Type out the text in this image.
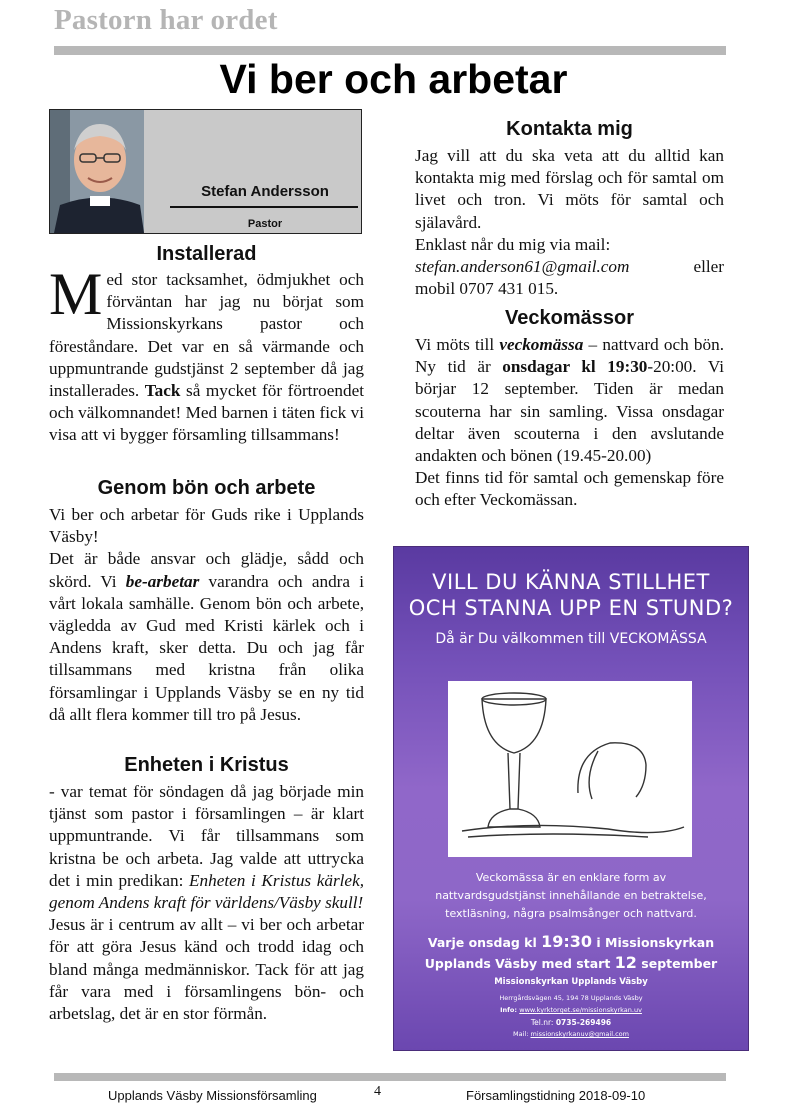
Pastorn har ordet
Vi ber och arbetar
Stefan Andersson
Pastor
Installerad

Med stor tacksamhet, ödmjukhet och förväntan har jag nu börjat som Missionskyrkans pastor och föreståndare. Det var en så värmande och uppmuntrande gudstjänst 2 september då jag installerades. Tack så mycket för förtroendet och välkomnandet! Med barnen i täten fick vi visa att vi bygger församling tillsammans!

Genom bön och arbete

Vi ber och arbetar för Guds rike i Upplands Väsby!

Det är både ansvar och glädje, sådd och skörd. Vi be-arbetar varandra och andra i vårt lokala samhälle. Genom bön och arbete, vägledda av Gud med Kristi kärlek och i Andens kraft, sker detta. Du och jag får tillsammans med kristna från olika församlingar i Upplands Väsby se en ny tid då allt flera kommer till tro på Jesus.

Enheten i Kristus

- var temat för söndagen då jag började min tjänst som pastor i församlingen – är klart uppmuntrande. Vi får tillsammans som kristna be och arbeta. Jag valde att uttrycka det i min predikan: Enheten i Kristus kärlek, genom Andens kraft för världens/Väsby skull!

Jesus är i centrum av allt – vi ber och arbetar för att göra Jesus känd och trodd idag och bland många medmänniskor. Tack för att jag får vara med i församlingens bön- och arbetslag, det är en stor förmån.

Kontakta mig

Jag vill att du ska veta att du alltid kan kontakta mig med förslag och för samtal om livet och tron. Vi möts för samtal och själavård.

Enklast når du mig via mail:
stefan.anderson61@gmail.com	eller

mobil 0707 431 015.

Veckomässor

Vi möts till veckomässa – nattvard och bön. Ny tid är onsdagar kl 19:30-20:00. Vi börjar 12 september. Tiden är medan scouterna har sin samling. Vissa onsdagar deltar även scouterna i den avslutande andakten och bönen (19.45-20.00)

Det finns tid för samtal och gemenskap före och efter Veckomässan.

VILL DU KÄNNA STILLHET
OCH STANNA UPP EN STUND?
Då är Du välkommen till VECKOMÄSSA
Veckomässa är en enklare form av
nattvardsgudstjänst innehållande en betraktelse,
textläsning, några psalmsånger och nattvard.
Varje onsdag kl 19:30 i Missionskyrkan
Upplands Väsby med start 12 september
Missionskyrkan Upplands Väsby
Herrgårdsvägen 45, 194 78 Upplands Väsby
Info: www.kyrktorget.se/missionskyrkan.uv
Tel.nr: 0735-269496
Mail: missionskyrkanuv@gmail.com
Upplands Väsby Missionsförsamling	4	Församlingstidning 2018-09-10
